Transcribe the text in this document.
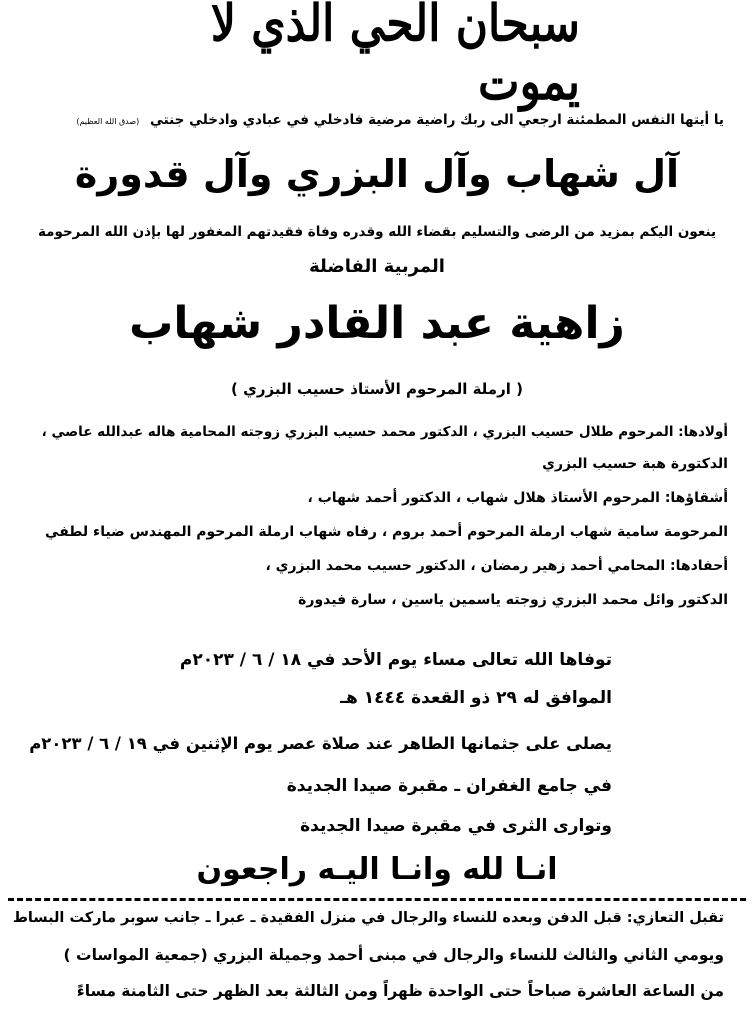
سبحان الحي الذي لا يموت
يا أيتها النفس المطمئنة ارجعي الى ربك راضية مرضية فادخلي في عبادي وادخلي جنتي (صدق الله العظيم)
آل شهاب وآل البزري وآل قدورة
ينعون اليكم بمزيد من الرضى والتسليم بقضاء الله وقدره وفاة فقيدتهم المغفور لها بإذن الله المرحومة
المربية الفاضلة
زاهية عبد القادر شهاب
( ارملة المرحوم الأستاذ حسيب البزري )
أولادها: المرحوم طلال حسيب البزري ، الدكتور محمد حسيب البزري زوجته المحامية هاله عبدالله عاصي ،
الدكتورة هبة حسيب البزري
أشقاؤها: المرحوم الأستاذ هلال شهاب ، الدكتور أحمد شهاب ،
المرحومة سامية شهاب ارملة المرحوم أحمد بروم ، رفاه شهاب ارملة المرحوم المهندس ضياء لطفي
أحفادها: المحامي أحمد زهير رمضان ، الدكتور حسيب محمد البزري ،
الدكتور وائل محمد البزري زوجته ياسمين ياسين ، سارة فيدورة
توفاها الله تعالى مساء يوم الأحد في ١٨ / ٦ / ٢٠٢٣م
الموافق له ٢٩ ذو القعدة ١٤٤٤ هـ
يصلى على جثمانها الطاهر عند صلاة عصر يوم الإثنين في ١٩ / ٦ / ٢٠٢٣م
في جامع الغفران ـ مقبرة صيدا الجديدة
وتوارى الثرى في مقبرة صيدا الجديدة
انـا لله وانـا اليـه راجعون
تقبل التعازي: قبل الدفن وبعده للنساء والرجال في منزل الفقيدة ـ عبرا ـ جانب سوبر ماركت البساط
ويومي الثاني والثالث للنساء والرجال في مبنى أحمد وجميلة البزري (جمعية المواسات )
من الساعة العاشرة صباحاً حتى الواحدة ظهراً ومن الثالثة بعد الظهر حتى الثامنة مساءً
